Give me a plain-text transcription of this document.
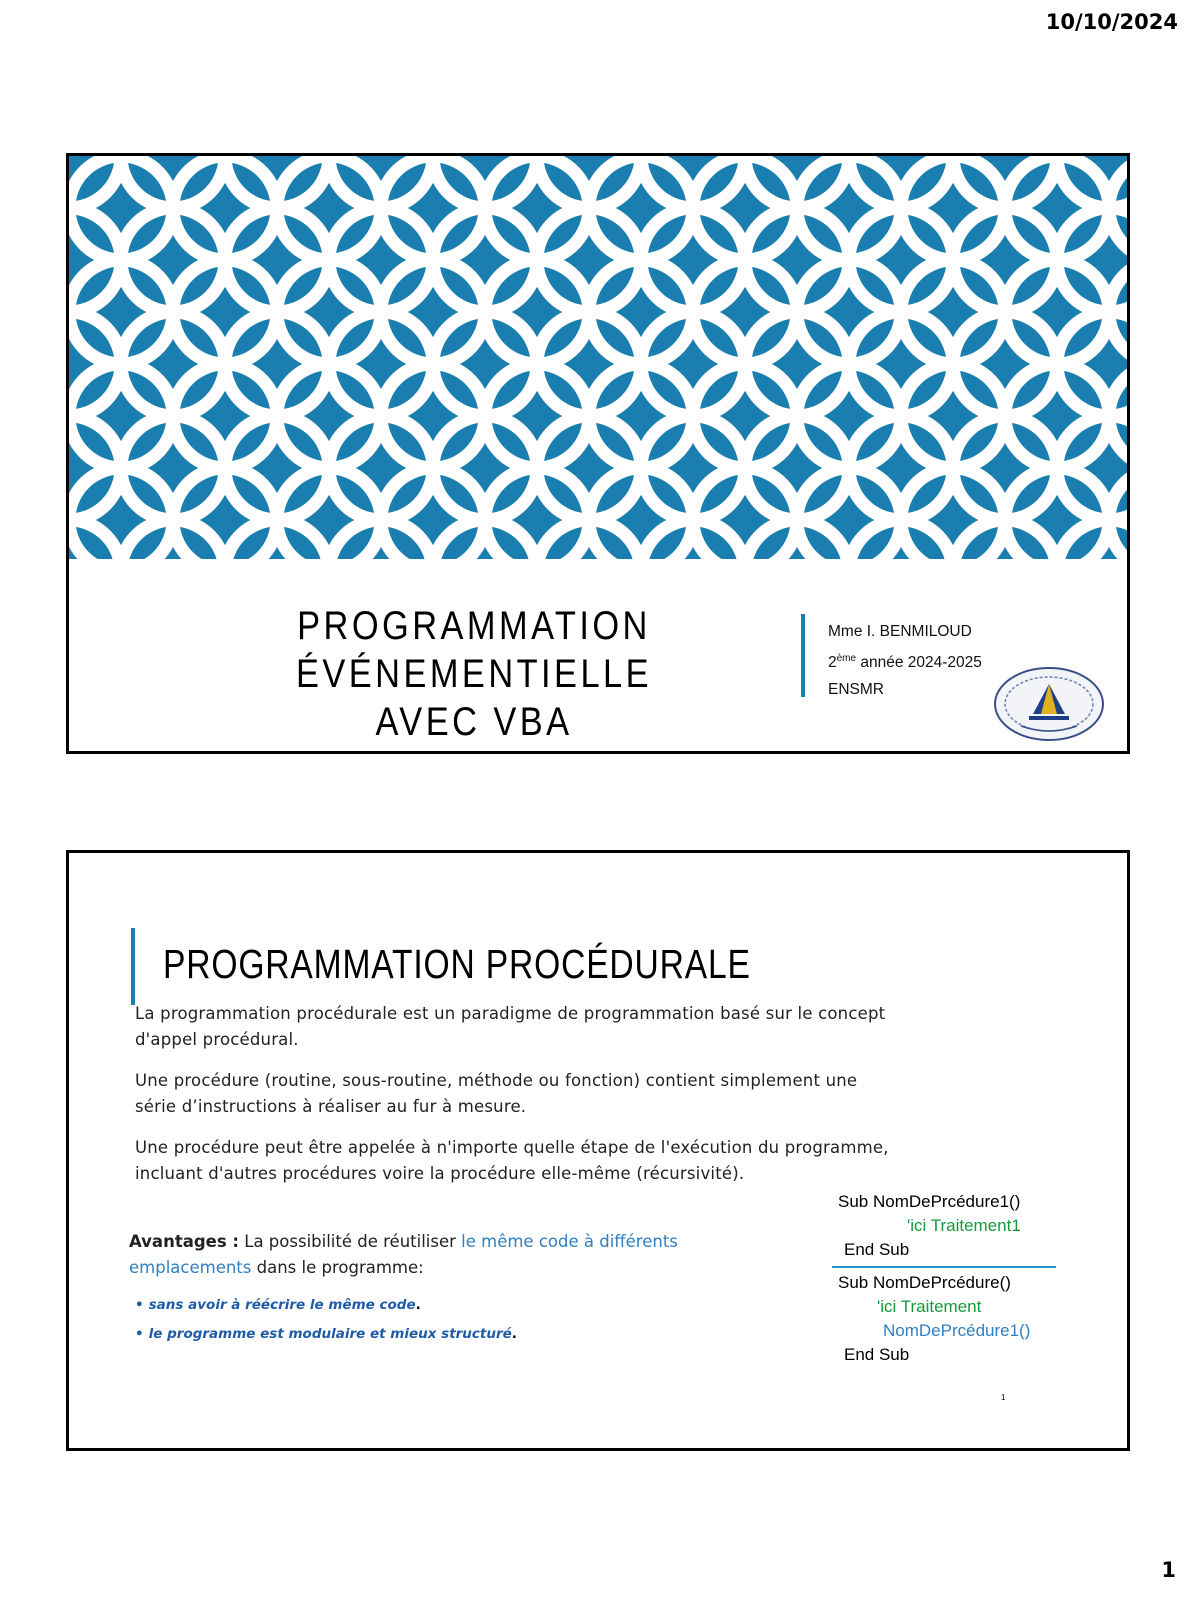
10/10/2024
PROGRAMMATION ÉVÉNEMENTIELLE
AVEC VBA
Mme I. BENMILOUD
2ème année 2024-2025
ENSMR
PROGRAMMATION PROCÉDURALE

La programmation procédurale est un paradigme de programmation basé sur le concept d'appel procédural.

Une procédure (routine, sous-routine, méthode ou fonction) contient simplement une série d’instructions à réaliser au fur à mesure.

Une procédure peut être appelée à n'importe quelle étape de l'exécution du programme, incluant d'autres procédures voire la procédure elle-même (récursivité).

Avantages : La possibilité de réutiliser le même code à différents emplacements dans le programme:
• sans avoir à réécrire le même code.
• le programme est modulaire et mieux structuré.
Sub NomDePrcédure1()
'ici Traitement1
End Sub
Sub NomDePrcédure()
'ici Traitement
NomDePrcédure1()
End Sub
1
1
